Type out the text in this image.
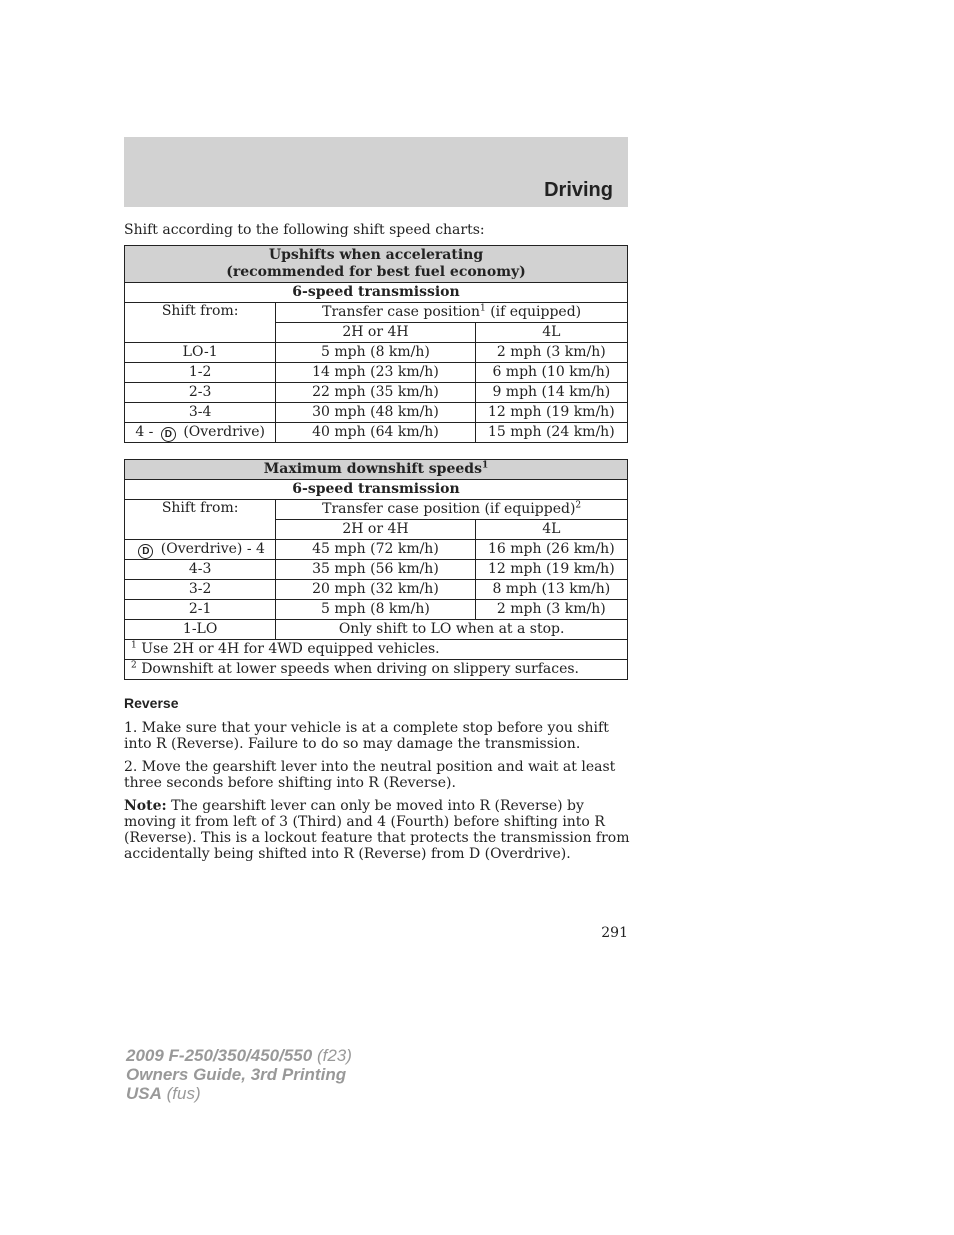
Driving
Shift according to the following shift speed charts:
Upshifts when accelerating
(recommended for best fuel economy)		

6-speed transmission		
Shift from:	Transfer case position$^1$ (if equipped)	
	2H or 4H	4L
LO-1	5 mph (8 km/h)	2 mph (3 km/h)
1-2	14 mph (23 km/h)	6 mph (10 km/h)
2-3	22 mph (35 km/h)	9 mph (14 km/h)
3-4	30 mph (48 km/h)	12 mph (19 km/h)
4 - D (Overdrive)	40 mph (64 km/h)	15 mph (24 km/h)
Maximum downshift speeds$^1$
6-speed transmission		
Shift from:	Transfer case position (if equipped)$^2$
	2H or 4H	4L
D (Overdrive) - 4	45 mph (72 km/h)	16 mph (26 km/h)
4-3	35 mph (56 km/h)	12 mph (19 km/h)
3-2	20 mph (32 km/h)	8 mph (13 km/h)
2-1	5 mph (8 km/h)	2 mph (3 km/h)
1-LO	Only shift to LO when at a stop.	
$^1$ Use 2H or 4H for 4WD equipped vehicles.		
$^2$ Downshift at lower speeds when driving on slippery surfaces.		
Reverse
1. Make sure that your vehicle is at a complete stop before you shift into R (Reverse). Failure to do so may damage the transmission.
2. Move the gearshift lever into the neutral position and wait at least three seconds before shifting into R (Reverse).
Note: The gearshift lever can only be moved into R (Reverse) by moving it from left of 3 (Third) and 4 (Fourth) before shifting into R (Reverse). This is a lockout feature that protects the transmission from accidentally being shifted into R (Reverse) from D (Overdrive).
291
2009 F-250/350/450/550 (f23)
Owners Guide, 3rd Printing
USA (fus)
